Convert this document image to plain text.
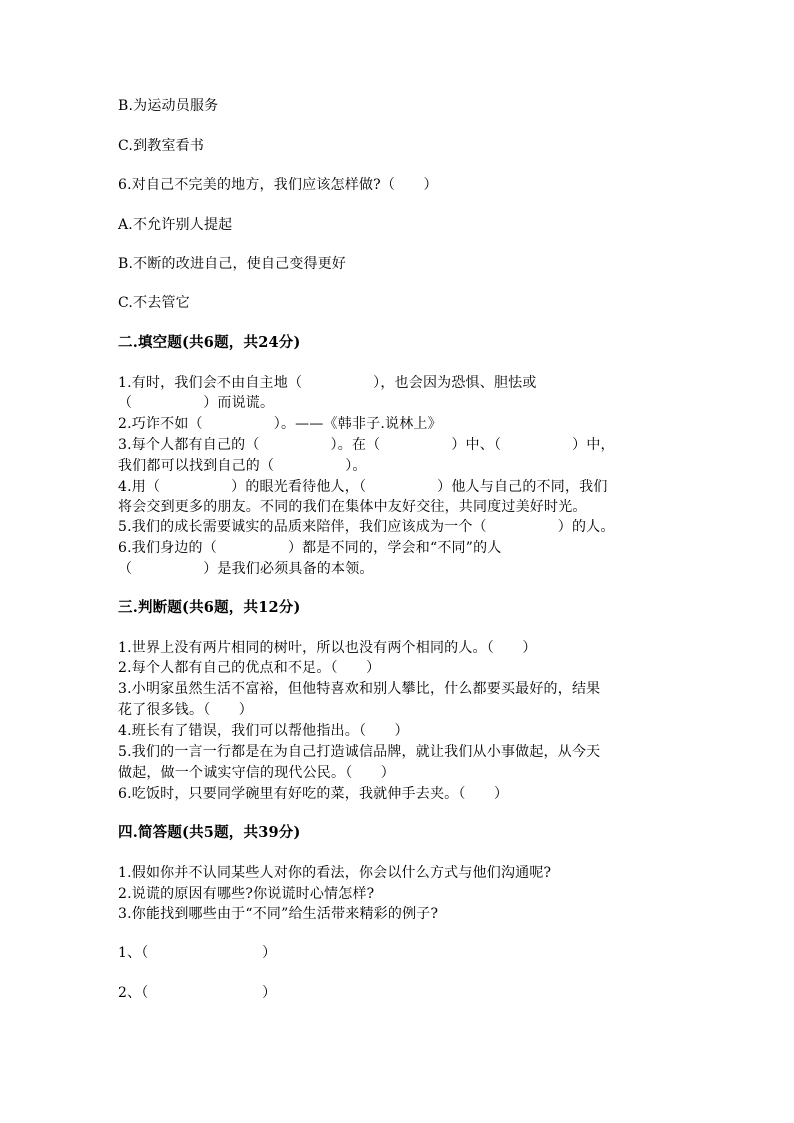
B.为运动员服务
C.到教室看书
6.对自己不完美的地方，我们应该怎样做?（　　）
A.不允许别人提起
B.不断的改进自己，使自己变得更好
C.不去管它
二.填空题(共6题，共24分)
1.有时，我们会不由自主地（　　　　　），也会因为恐惧、胆怯或
（　　　　　）而说谎。
2.巧诈不如（　　　　　）。——《韩非子.说林上》
3.每个人都有自己的（　　　　　）。在（　　　　　）中、（　　　　　）中，
我们都可以找到自己的（　　　　　）。
4.用（　　　　　）的眼光看待他人，（　　　　　）他人与自己的不同，我们
将会交到更多的朋友。不同的我们在集体中友好交往，共同度过美好时光。
5.我们的成长需要诚实的品质来陪伴，我们应该成为一个（　　　　　）的人。
6.我们身边的（　　　　　）都是不同的，学会和“不同”的人
（　　　　　）是我们必须具备的本领。
三.判断题(共6题，共12分)
1.世界上没有两片相同的树叶，所以也没有两个相同的人。（　　）
2.每个人都有自己的优点和不足。（　　）
3.小明家虽然生活不富裕，但他特喜欢和别人攀比，什么都要买最好的，结果
花了很多钱。（　　）
4.班长有了错误，我们可以帮他指出。（　　）
5.我们的一言一行都是在为自己打造诚信品牌，就让我们从小事做起，从今天
做起，做一个诚实守信的现代公民。（　　）
6.吃饭时，只要同学碗里有好吃的菜，我就伸手去夹。（　　）
四.简答题(共5题，共39分)
1.假如你并不认同某些人对你的看法，你会以什么方式与他们沟通呢?
2.说谎的原因有哪些?你说谎时心情怎样?
3.你能找到哪些由于“不同”给生活带来精彩的例子?
1、（　　　　　　　　）
2、（　　　　　　　　）
